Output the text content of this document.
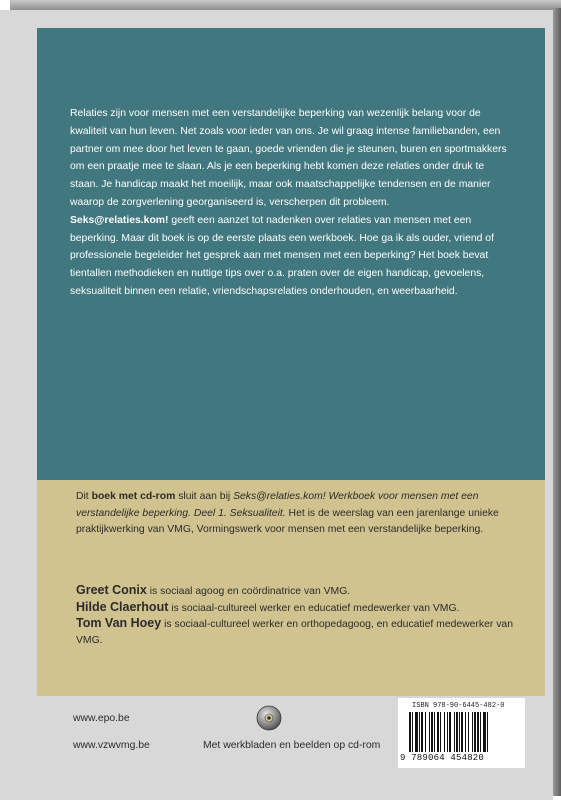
Relaties zijn voor mensen met een verstandelijke beperking van wezenlijk belang voor de kwaliteit van hun leven. Net zoals voor ieder van ons. Je wil graag intense familiebanden, een partner om mee door het leven te gaan, goede vrienden die je steunen, buren en sportmakkers om een praatje mee te slaan. Als je een beperking hebt komen deze relaties onder druk te staan. Je handicap maakt het moeilijk, maar ook maatschappelijke tendensen en de manier waarop de zorgverlening georganiseerd is, verscherpen dit probleem.
Seks@relaties.kom! geeft een aanzet tot nadenken over relaties van mensen met een beperking. Maar dit boek is op de eerste plaats een werkboek. Hoe ga ik als ouder, vriend of professionele begeleider het gesprek aan met mensen met een beperking? Het boek bevat tientallen methodieken en nuttige tips over o.a. praten over de eigen handicap, gevoelens, seksualiteit binnen een relatie, vriendschapsrelaties onderhouden, en weerbaarheid.

Dit boek met cd-rom sluit aan bij Seks@relaties.kom! Werkboek voor mensen met een verstandelijke beperking. Deel 1. Seksualiteit. Het is de weerslag van een jarenlange unieke praktijkwerking van VMG, Vormingswerk voor mensen met een verstandelijke beperking.

Greet Conix is sociaal agoog en coördinatrice van VMG.
Hilde Claerhout is sociaal-cultureel werker en educatief medewerker van VMG.
Tom Van Hoey is sociaal-cultureel werker en orthopedagoog, en educatief medewerker van VMG.

www.epo.be
www.vzwvmg.be	Met werkbladen en beelden op cd-rom
ISBN 978-90-6445-482-0
9 789064 454820
